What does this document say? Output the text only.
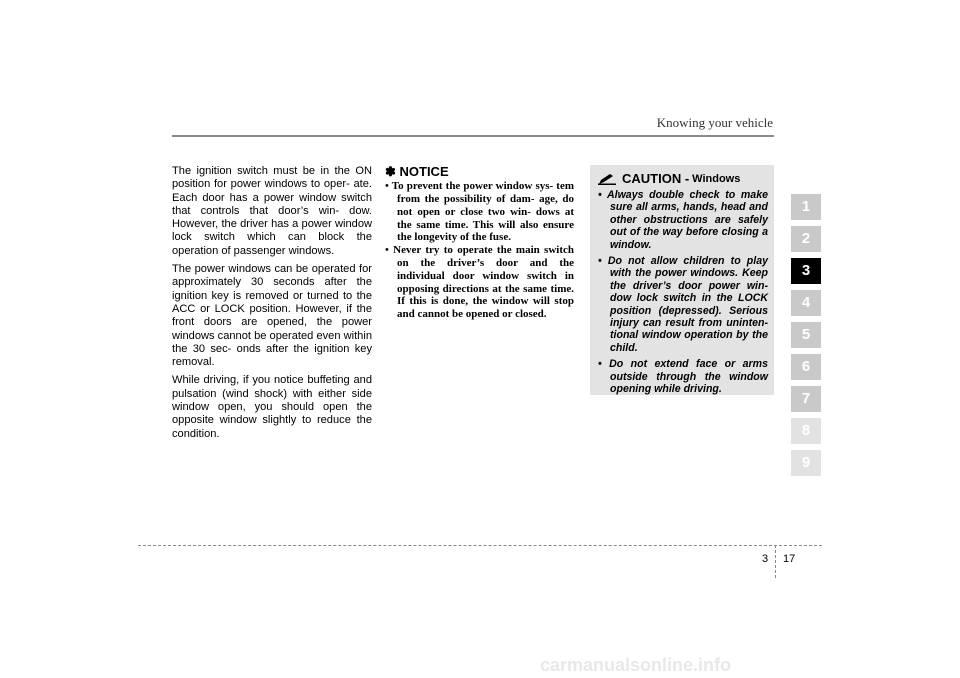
Knowing your vehicle

The ignition switch must be in the ON position for power windows to oper- ate. Each door has a power window switch that controls that door’s win- dow. However, the driver has a power window lock switch which can block the operation of passenger windows.

The power windows can be operated for approximately 30 seconds after the ignition key is removed or turned to the ACC or LOCK position. However, if the front doors are opened, the power windows cannot be operated even within the 30 sec- onds after the ignition key removal.

While driving, if you notice buffeting and pulsation (wind shock) with either side window open, you should open the opposite window slightly to reduce the condition.

✽ NOTICE
• To prevent the power window sys- tem from the possibility of dam- age, do not open or close two win- dows at the same time. This will also ensure the longevity of the fuse.
• Never try to operate the main switch on the driver’s door and the individual door window switch in opposing directions at the same time. If this is done, the window will stop and cannot be opened or closed.
CAUTION - Windows
• Always double check to make sure all arms, hands, head and other obstructions are safely out of the way before closing a window.
• Do not allow children to play with the power windows. Keep the driver’s door power win- dow lock switch in the LOCK position (depressed). Serious injury can result from uninten- tional window operation by the child.
• Do not extend face or arms outside through the window opening while driving.
1
2
3
4
5
6
7
8
9
3 17
carmanualsonline.info
